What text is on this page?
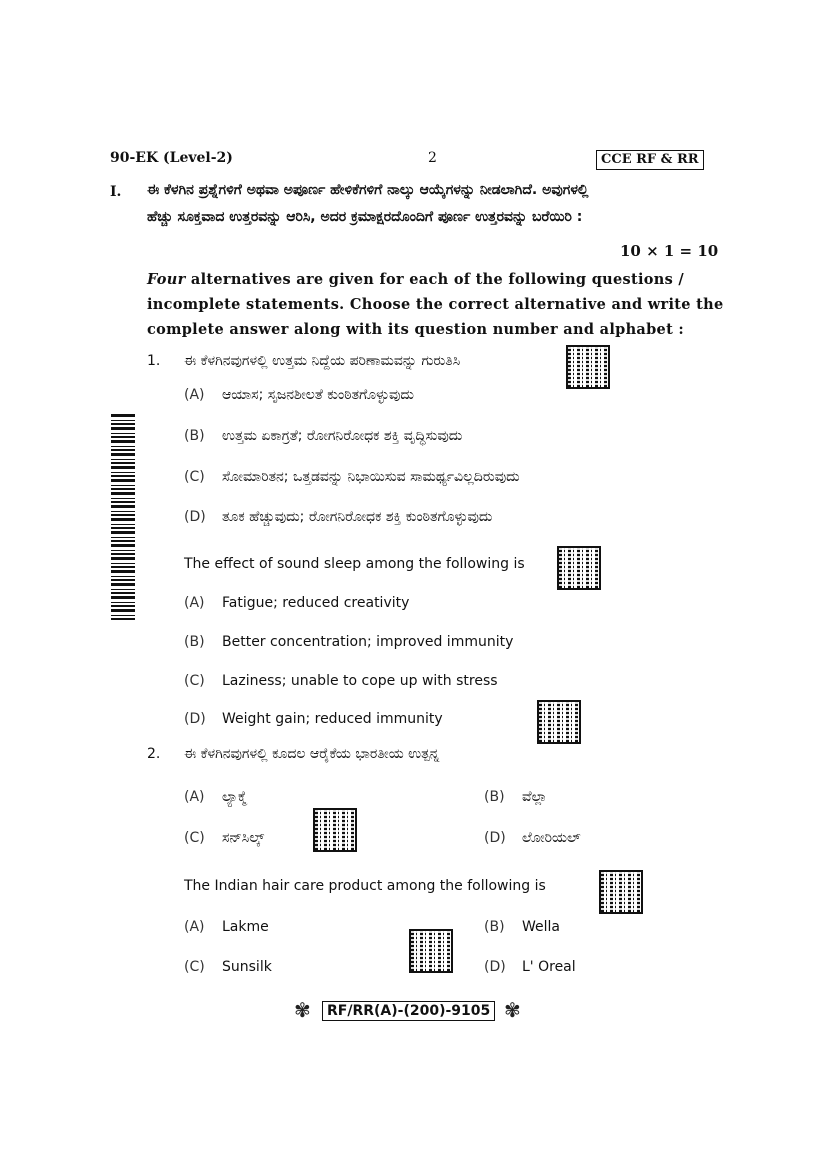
90-EK (Level-2)	2	CCE RF & RR
I. ಈ ಕೆಳಗಿನ ಪ್ರಶ್ನೆಗಳಿಗೆ ಅಥವಾ ಅಪೂರ್ಣ ಹೇಳಿಕೆಗಳಿಗೆ ನಾಲ್ಕು ಆಯ್ಕೆಗಳನ್ನು ನೀಡಲಾಗಿದೆ. ಅವುಗಳಲ್ಲಿ
ಹೆಚ್ಚು ಸೂಕ್ತವಾದ ಉತ್ತರವನ್ನು ಆರಿಸಿ, ಅದರ ಕ್ರಮಾಕ್ಷರದೊಂದಿಗೆ ಪೂರ್ಣ ಉತ್ತರವನ್ನು ಬರೆಯಿರಿ :
10 × 1 = 10
Four alternatives are given for each of the following questions /
incomplete statements. Choose the correct alternative and write the
complete answer along with its question number and alphabet :
1. ಈ ಕೆಳಗಿನವುಗಳಲ್ಲಿ ಉತ್ತಮ ನಿದ್ದೆಯ ಪರಿಣಾಮವನ್ನು ಗುರುತಿಸಿ
(A) ಆಯಾಸ; ಸೃಜನಶೀಲತೆ ಕುಂಠಿತಗೊಳ್ಳುವುದು
(B) ಉತ್ತಮ ಏಕಾಗ್ರತೆ; ರೋಗನಿರೋಧಕ ಶಕ್ತಿ ವೃದ್ಧಿಸುವುದು
(C) ಸೋಮಾರಿತನ; ಒತ್ತಡವನ್ನು ನಿಭಾಯಿಸುವ ಸಾಮರ್ಥ್ಯವಿಲ್ಲದಿರುವುದು
(D) ತೂಕ ಹೆಚ್ಚುವುದು; ರೋಗನಿರೋಧಕ ಶಕ್ತಿ ಕುಂಠಿತಗೊಳ್ಳುವುದು
The effect of sound sleep among the following is
(A) Fatigue; reduced creativity
(B) Better concentration; improved immunity
(C) Laziness; unable to cope up with stress
(D) Weight gain; reduced immunity
2. ಈ ಕೆಳಗಿನವುಗಳಲ್ಲಿ ಕೂದಲ ಆರೈಕೆಯ ಭಾರತೀಯ ಉತ್ಪನ್ನ
(A) ಲ್ಯಾಕ್ಮೆ	(B) ವೆಲ್ಲಾ
(C) ಸನ್‌ಸಿಲ್ಕ್	(D) ಲೋರಿಯಲ್
The Indian hair care product among the following is
(A) Lakme	(B) Wella
(C) Sunsilk	(D) L' Oreal
✾	RF/RR(A)-(200)-9105 ✾
